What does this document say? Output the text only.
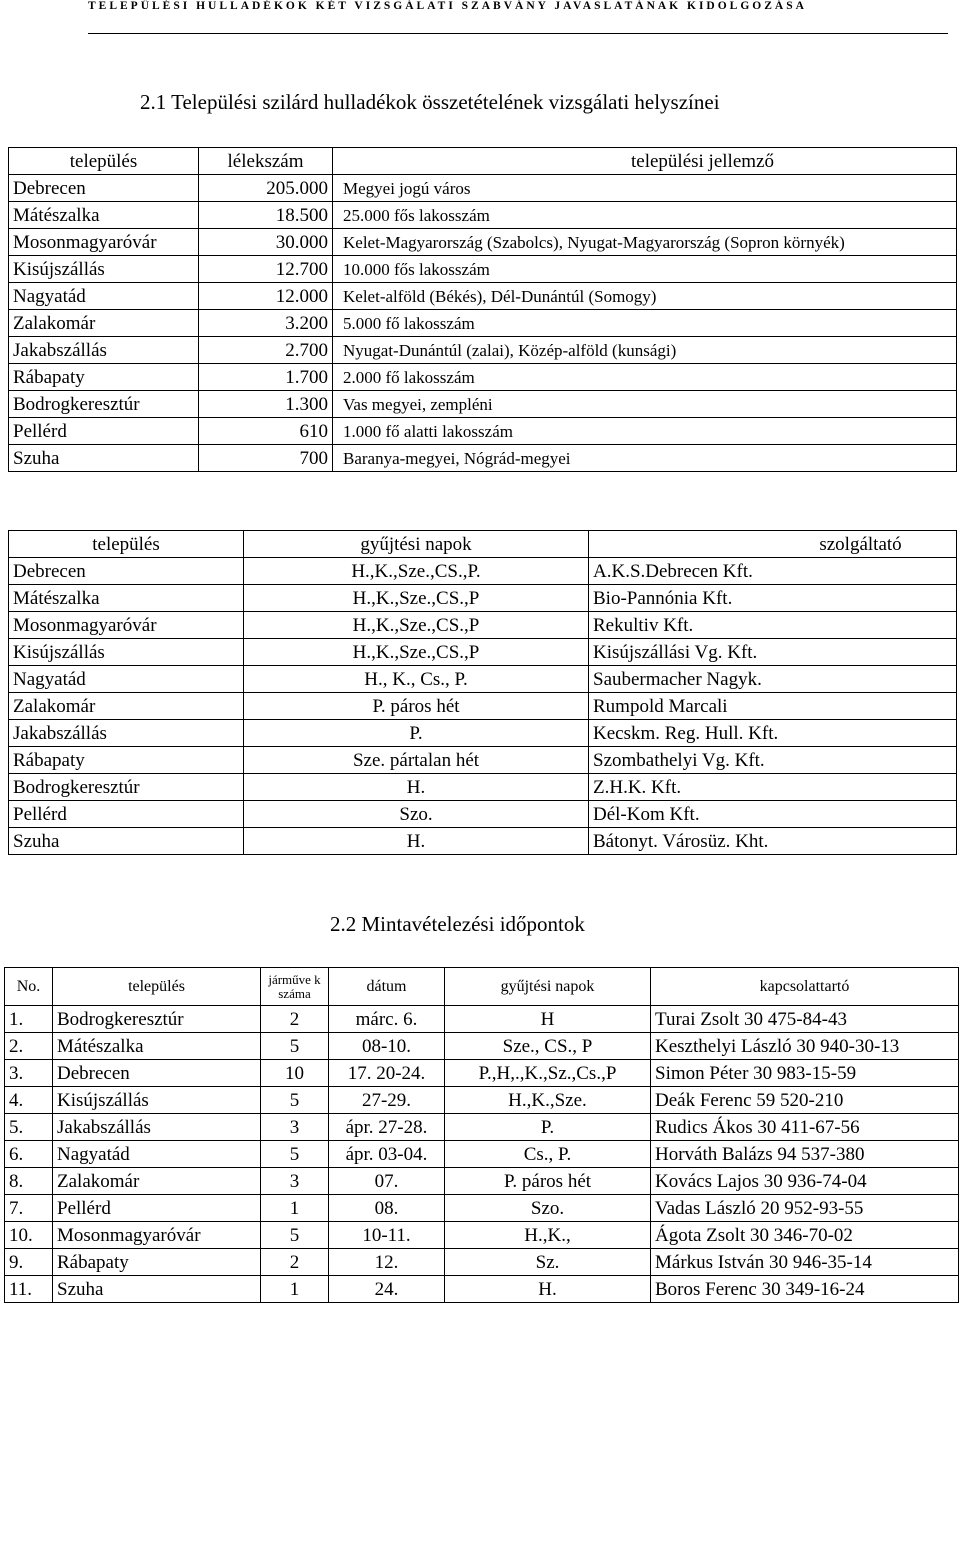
TELEPÜLÉSI HULLADÉKOK KÉT VIZSGÁLATI SZABVÁNY JAVASLATÁNAK KIDOLGOZÁSA
2.1 Települési szilárd hulladékok összetételének vizsgálati helyszínei
település	lélekszám	települési jellemző
Debrecen	205.000	Megyei jogú város
Mátészalka	18.500	25.000 fős lakosszám
Mosonmagyaróvár	30.000	Kelet-Magyarország (Szabolcs), Nyugat-Magyarország (Sopron környék)
Kisújszállás	12.700	10.000 fős lakosszám
Nagyatád	12.000	Kelet-alföld (Békés), Dél-Dunántúl (Somogy)
Zalakomár	3.200	5.000 fő lakosszám
Jakabszállás	2.700	Nyugat-Dunántúl (zalai), Közép-alföld (kunsági)
Rábapaty	1.700	2.000 fő lakosszám
Bodrogkeresztúr	1.300	Vas megyei, zempléni
Pellérd	610	1.000 fő alatti lakosszám
Szuha	700	Baranya-megyei, Nógrád-megyei
település	gyűjtési napok	szolgáltató
Debrecen	H.,K.,Sze.,CS.,P.	A.K.S.Debrecen Kft.
Mátészalka	H.,K.,Sze.,CS.,P	Bio-Pannónia Kft.
Mosonmagyaróvár	H.,K.,Sze.,CS.,P	Rekultiv Kft.
Kisújszállás	H.,K.,Sze.,CS.,P	Kisújszállási Vg. Kft.
Nagyatád	H., K., Cs., P.	Saubermacher Nagyk.
Zalakomár	P. páros hét	Rumpold Marcali
Jakabszállás	P.	Kecskm. Reg. Hull. Kft.
Rábapaty	Sze. pártalan hét	Szombathelyi Vg. Kft.
Bodrogkeresztúr	H.	Z.H.K. Kft.
Pellérd	Szo.	Dél-Kom Kft.
Szuha	H.	Bátonyt. Városüz. Kht.
2.2 Mintavételezési időpontok
No.	település	járműve k száma	dátum	gyűjtési napok	kapcsolattartó
1.	Bodrogkeresztúr	2	márc. 6.	H	Turai Zsolt 30 475-84-43
2.	Mátészalka	5	08-10.	Sze., CS., P	Keszthelyi László 30 940-30-13
3.	Debrecen	10	17. 20-24.	P.,H,.,K.,Sz.,Cs.,P	Simon Péter 30 983-15-59
4.	Kisújszállás	5	27-29.	H.,K.,Sze.	Deák Ferenc 59 520-210
5.	Jakabszállás	3	ápr. 27-28.	P.	Rudics Ákos 30 411-67-56
6.	Nagyatád	5	ápr. 03-04.	Cs., P.	Horváth Balázs 94 537-380
8.	Zalakomár	3	07.	P. páros hét	Kovács Lajos 30 936-74-04
7.	Pellérd	1	08.	Szo.	Vadas László 20 952-93-55
10.	Mosonmagyaróvár	5	10-11.	H.,K.,	Ágota Zsolt 30 346-70-02
9.	Rábapaty	2	12.	Sz.	Márkus István 30 946-35-14
11.	Szuha	1	24.	H.	Boros Ferenc 30 349-16-24
